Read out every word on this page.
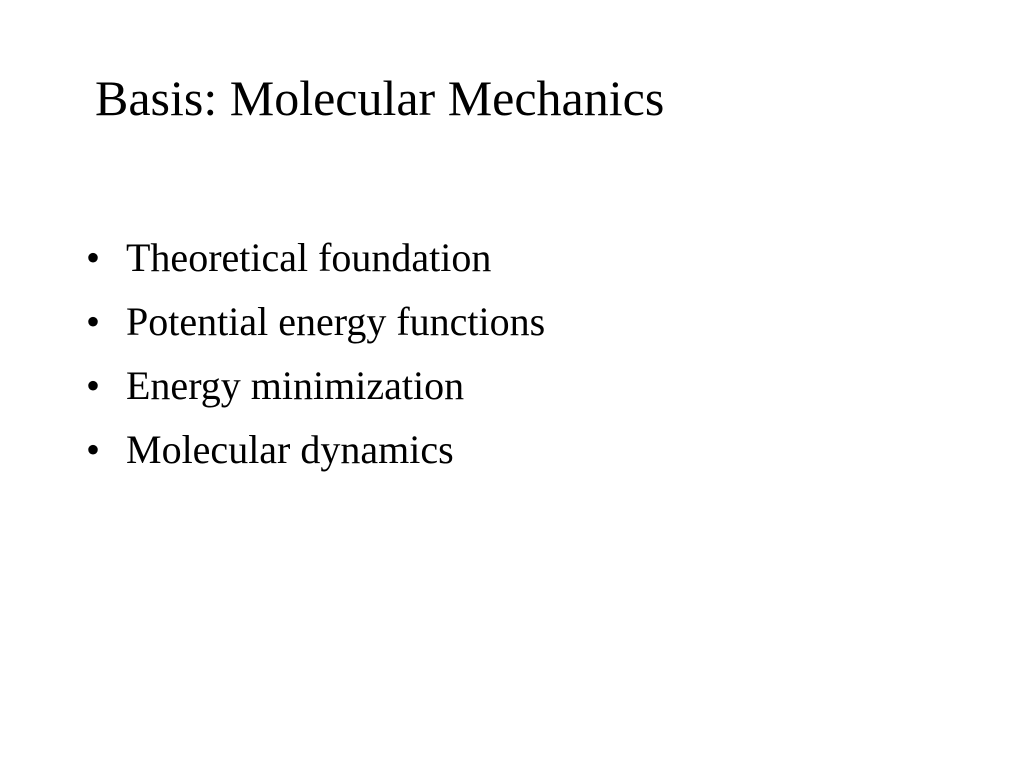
Basis: Molecular Mechanics
• Theoretical foundation
• Potential energy functions
• Energy minimization
• Molecular dynamics
